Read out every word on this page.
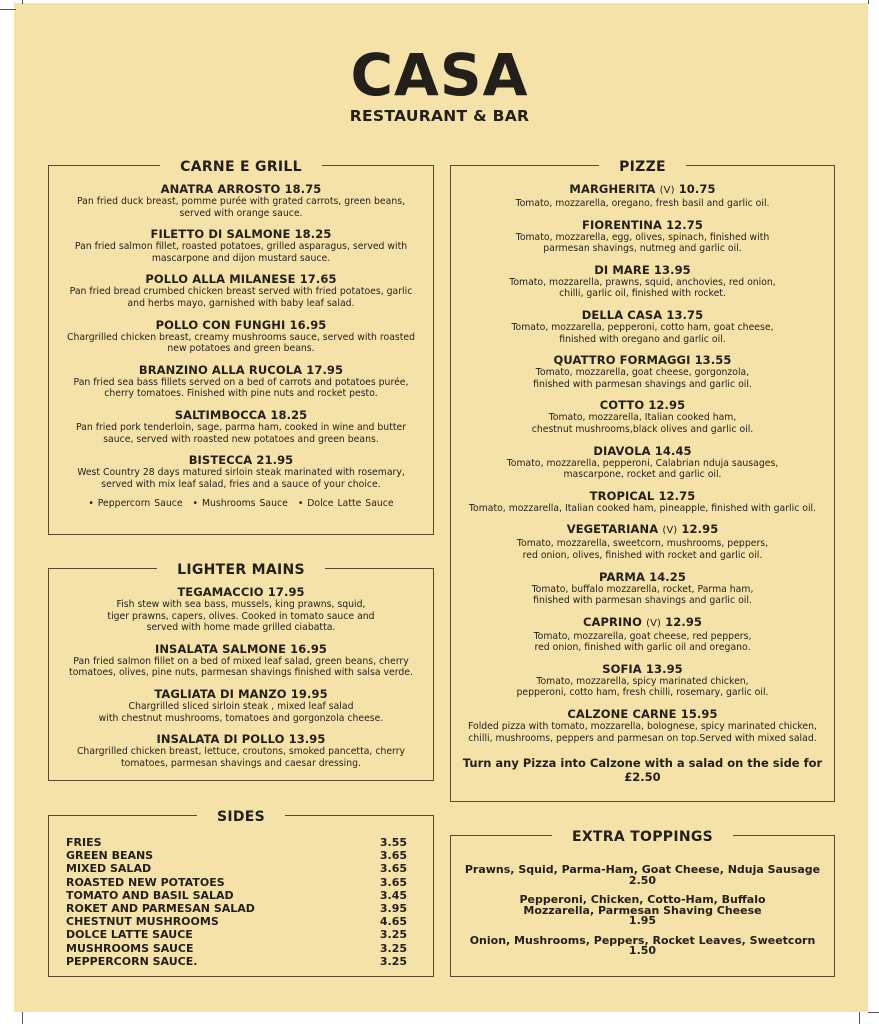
CASA
RESTAURANT & BAR
CARNE E GRILL
ANATRA ARROSTO 18.75
Pan fried duck breast, pomme purée with grated carrots, green beans,
served with orange sauce.
FILETTO DI SALMONE 18.25
Pan fried salmon fillet, roasted potatoes, grilled asparagus, served with
mascarpone and dijon mustard sauce.
POLLO ALLA MILANESE 17.65
Pan fried bread crumbed chicken breast served with fried potatoes, garlic
and herbs mayo, garnished with baby leaf salad.
POLLO CON FUNGHI 16.95
Chargrilled chicken breast, creamy mushrooms sauce, served with roasted
new potatoes and green beans.
BRANZINO ALLA RUCOLA 17.95
Pan fried sea bass fillets served on a bed of carrots and potatoes purée,
cherry tomatoes. Finished with pine nuts and rocket pesto.
SALTIMBOCCA 18.25
Pan fried pork tenderloin, sage, parma ham, cooked in wine and butter
sauce, served with roasted new potatoes and green beans.
BISTECCA 21.95
West Country 28 days matured sirloin steak marinated with rosemary,
served with mix leaf salad, fries and a sauce of your choice.
• Peppercorn Sauce • Mushrooms Sauce • Dolce Latte Sauce
LIGHTER MAINS
TEGAMACCIO 17.95
Fish stew with sea bass, mussels, king prawns, squid,
tiger prawns, capers, olives. Cooked in tomato sauce and
served with home made grilled ciabatta.
INSALATA SALMONE 16.95
Pan fried salmon fillet on a bed of mixed leaf salad, green beans, cherry
tomatoes, olives, pine nuts, parmesan shavings finished with salsa verde.
TAGLIATA DI MANZO 19.95
Chargrilled sliced sirloin steak , mixed leaf salad
with chestnut mushrooms, tomatoes and gorgonzola cheese.
INSALATA DI POLLO 13.95
Chargrilled chicken breast, lettuce, croutons, smoked pancetta, cherry
tomatoes, parmesan shavings and caesar dressing.
SIDES
FRIES	3.55
GREEN BEANS	3.65
MIXED SALAD	3.65
ROASTED NEW POTATOES	3.65
TOMATO AND BASIL SALAD	3.45
ROKET AND PARMESAN SALAD	3.95
CHESTNUT MUSHROOMS	4.65
DOLCE LATTE SAUCE	3.25
MUSHROOMS SAUCE	3.25
PEPPERCORN SAUCE.	3.25
PIZZE
MARGHERITA (V) 10.75
Tomato, mozzarella, oregano, fresh basil and garlic oil.
FIORENTINA 12.75
Tomato, mozzarella, egg, olives, spinach, finished with
parmesan shavings, nutmeg and garlic oil.
DI MARE 13.95
Tomato, mozzarella, prawns, squid, anchovies, red onion,
chilli, garlic oil, finished with rocket.
DELLA CASA 13.75
Tomato, mozzarella, pepperoni, cotto ham, goat cheese,
finished with oregano and garlic oil.
QUATTRO FORMAGGI 13.55
Tomato, mozzarella, goat cheese, gorgonzola,
finished with parmesan shavings and garlic oil.
COTTO 12.95
Tomato, mozzarella, Italian cooked ham,
chestnut mushrooms,black olives and garlic oil.
DIAVOLA 14.45
Tomato, mozzarella, pepperoni, Calabrian nduja sausages,
mascarpone, rocket and garlic oil.
TROPICAL 12.75
Tomato, mozzarella, Italian cooked ham, pineapple, finished with garlic oil.
VEGETARIANA (V) 12.95
Tomato, mozzarella, sweetcorn, mushrooms, peppers,
red onion, olives, finished with rocket and garlic oil.
PARMA 14.25
Tomato, buffalo mozzarella, rocket, Parma ham,
finished with parmesan shavings and garlic oil.
CAPRINO (V) 12.95
Tomato, mozzarella, goat cheese, red peppers,
red onion, finished with garlic oil and oregano.
SOFIA 13.95
Tomato, mozzarella, spicy marinated chicken,
pepperoni, cotto ham, fresh chilli, rosemary, garlic oil.
CALZONE CARNE 15.95
Folded pizza with tomato, mozzarella, bolognese, spicy marinated chicken,
chilli, mushrooms, peppers and parmesan on top.Served with mixed salad.
Turn any Pizza into Calzone with a salad on the side for £2.50
EXTRA TOPPINGS
Prawns, Squid, Parma-Ham, Goat Cheese, Nduja Sausage
2.50
Pepperoni, Chicken, Cotto-Ham, Buffalo
Mozzarella, Parmesan Shaving Cheese
1.95
Onion, Mushrooms, Peppers, Rocket Leaves, Sweetcorn
1.50
